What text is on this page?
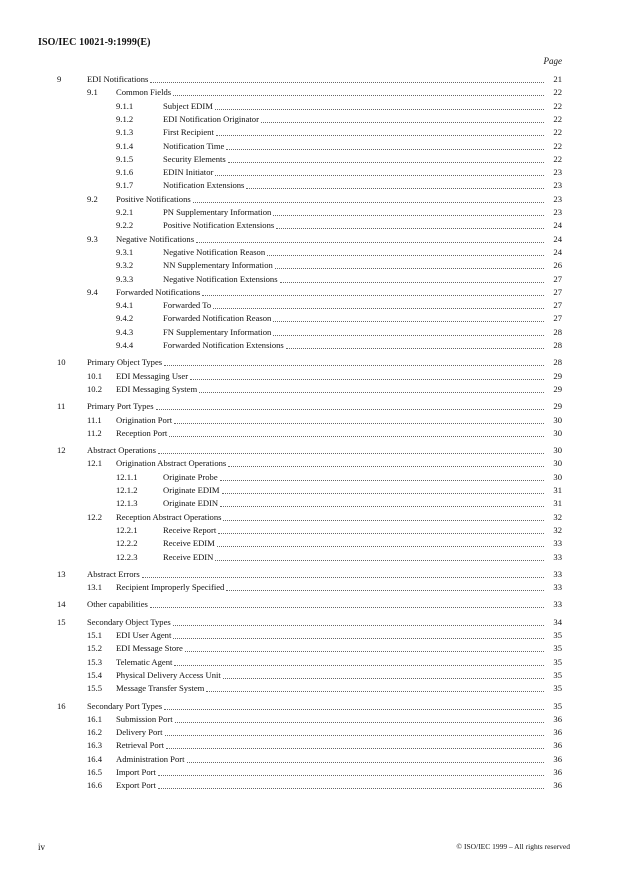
ISO/IEC 10021-9:1999(E)
Page
9	EDI Notifications	21
9.1	Common Fields	22
9.1.1	Subject EDIM	22
9.1.2	EDI Notification Originator	22
9.1.3	First Recipient	22
9.1.4	Notification Time	22
9.1.5	Security Elements	22
9.1.6	EDIN Initiator	23
9.1.7	Notification Extensions	23
9.2	Positive Notifications	23
9.2.1	PN Supplementary Information	23
9.2.2	Positive Notification Extensions	24
9.3	Negative Notifications	24
9.3.1	Negative Notification Reason	24
9.3.2	NN Supplementary Information	26
9.3.3	Negative Notification Extensions	27
9.4	Forwarded Notifications	27
9.4.1	Forwarded To	27
9.4.2	Forwarded Notification Reason	27
9.4.3	FN Supplementary Information	28
9.4.4	Forwarded Notification Extensions	28
10	Primary Object Types	28
10.1	EDI Messaging User	29
10.2	EDI Messaging System	29
11	Primary Port Types	29
11.1	Origination Port	30
11.2	Reception Port	30
12	Abstract Operations	30
12.1	Origination Abstract Operations	30
12.1.1	Originate Probe	30
12.1.2	Originate EDIM	31
12.1.3	Originate EDIN	31
12.2	Reception Abstract Operations	32
12.2.1	Receive Report	32
12.2.2	Receive EDIM	33
12.2.3	Receive EDIN	33
13	Abstract Errors	33
13.1	Recipient Improperly Specified	33
14	Other capabilities	33
15	Secondary Object Types	34
15.1	EDI User Agent	35
15.2	EDI Message Store	35
15.3	Telematic Agent	35
15.4	Physical Delivery Access Unit	35
15.5	Message Transfer System	35
16	Secondary Port Types	35
16.1	Submission Port	36
16.2	Delivery Port	36
16.3	Retrieval Port	36
16.4	Administration Port	36
16.5	Import Port	36
16.6	Export Port	36
iv	© ISO/IEC 1999 – All rights reserved
